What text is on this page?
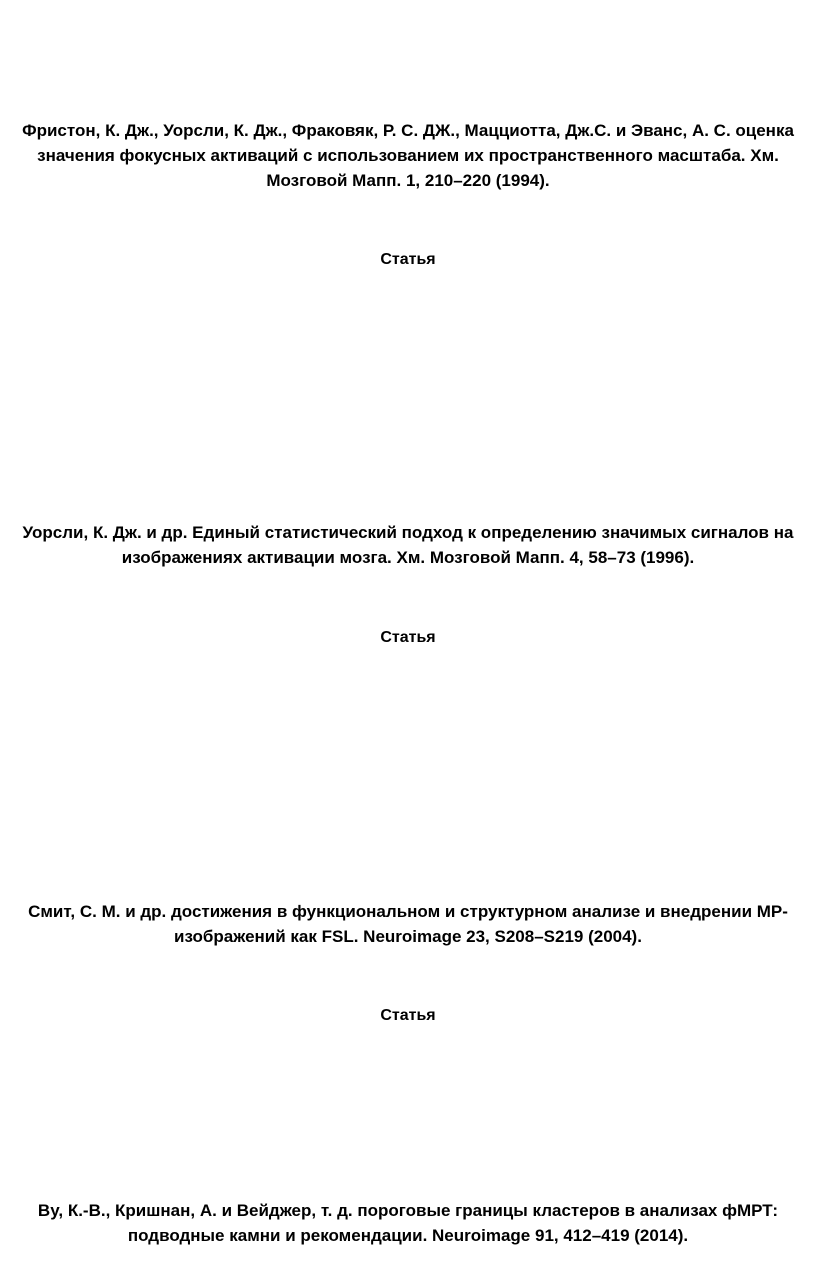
Фристон, К. Дж., Уорсли, К. Дж., Фраковяк, Р. С. ДЖ., Мацциотта, Дж.С. и Эванс, А. С. оценка
значения фокусных активаций с использованием их пространственного масштаба. Хм.
Мозговой Мапп. 1, 210–220 (1994).

Статья

Уорсли, К. Дж. и др. Единый статистический подход к определению значимых сигналов на
изображениях активации мозга. Хм. Мозговой Мапп. 4, 58–73 (1996).

Статья

Смит, С. М. и др. достижения в функциональном и структурном анализе и внедрении МР-
изображений как FSL. Neuroimage 23, S208–S219 (2004).

Статья

Ву, К.-В., Кришнан, А. и Вейджер, т. д. пороговые границы кластеров в анализах фМРТ:
подводные камни и рекомендации. Neuroimage 91, 412–419 (2014).
